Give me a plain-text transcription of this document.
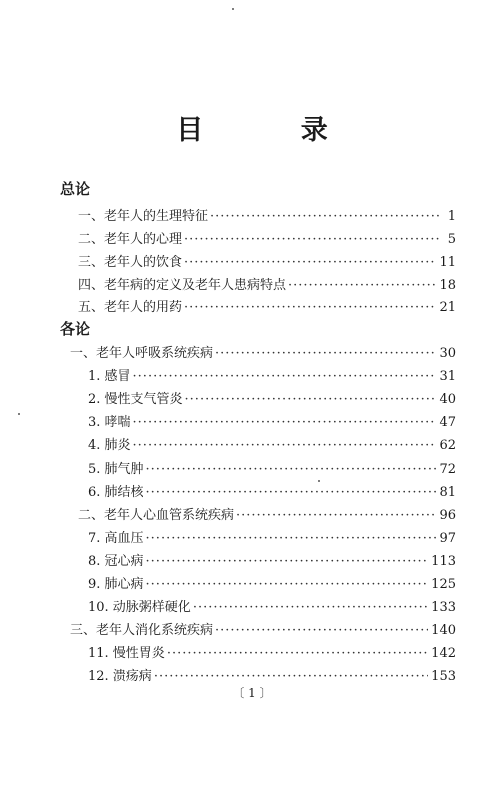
目 录
总论
一、老年人的生理特征 ·····	1
二、老年人的心理 ·····	5
三、老年人的饮食 ·····	11
四、老年病的定义及老年人患病特点 ·····	18
五、老年人的用药 ·····	21
各论
一、老年人呼吸系统疾病 ·····	30
1. 感冒 ·····	31
2. 慢性支气管炎 ·····	40
3. 哮喘 ·····	47
4. 肺炎 ·····	62
5. 肺气肿 ·····	72
6. 肺结核 ·····	81
二、老年人心血管系统疾病 ·····	96
7. 高血压 ·····	97
8. 冠心病 ·····	113
9. 肺心病 ·····	125
10. 动脉粥样硬化 ·····	133
三、老年人消化系统疾病 ·····	140
11. 慢性胃炎 ·····	142
12. 溃疡病 ·····	153
〔 1 〕
